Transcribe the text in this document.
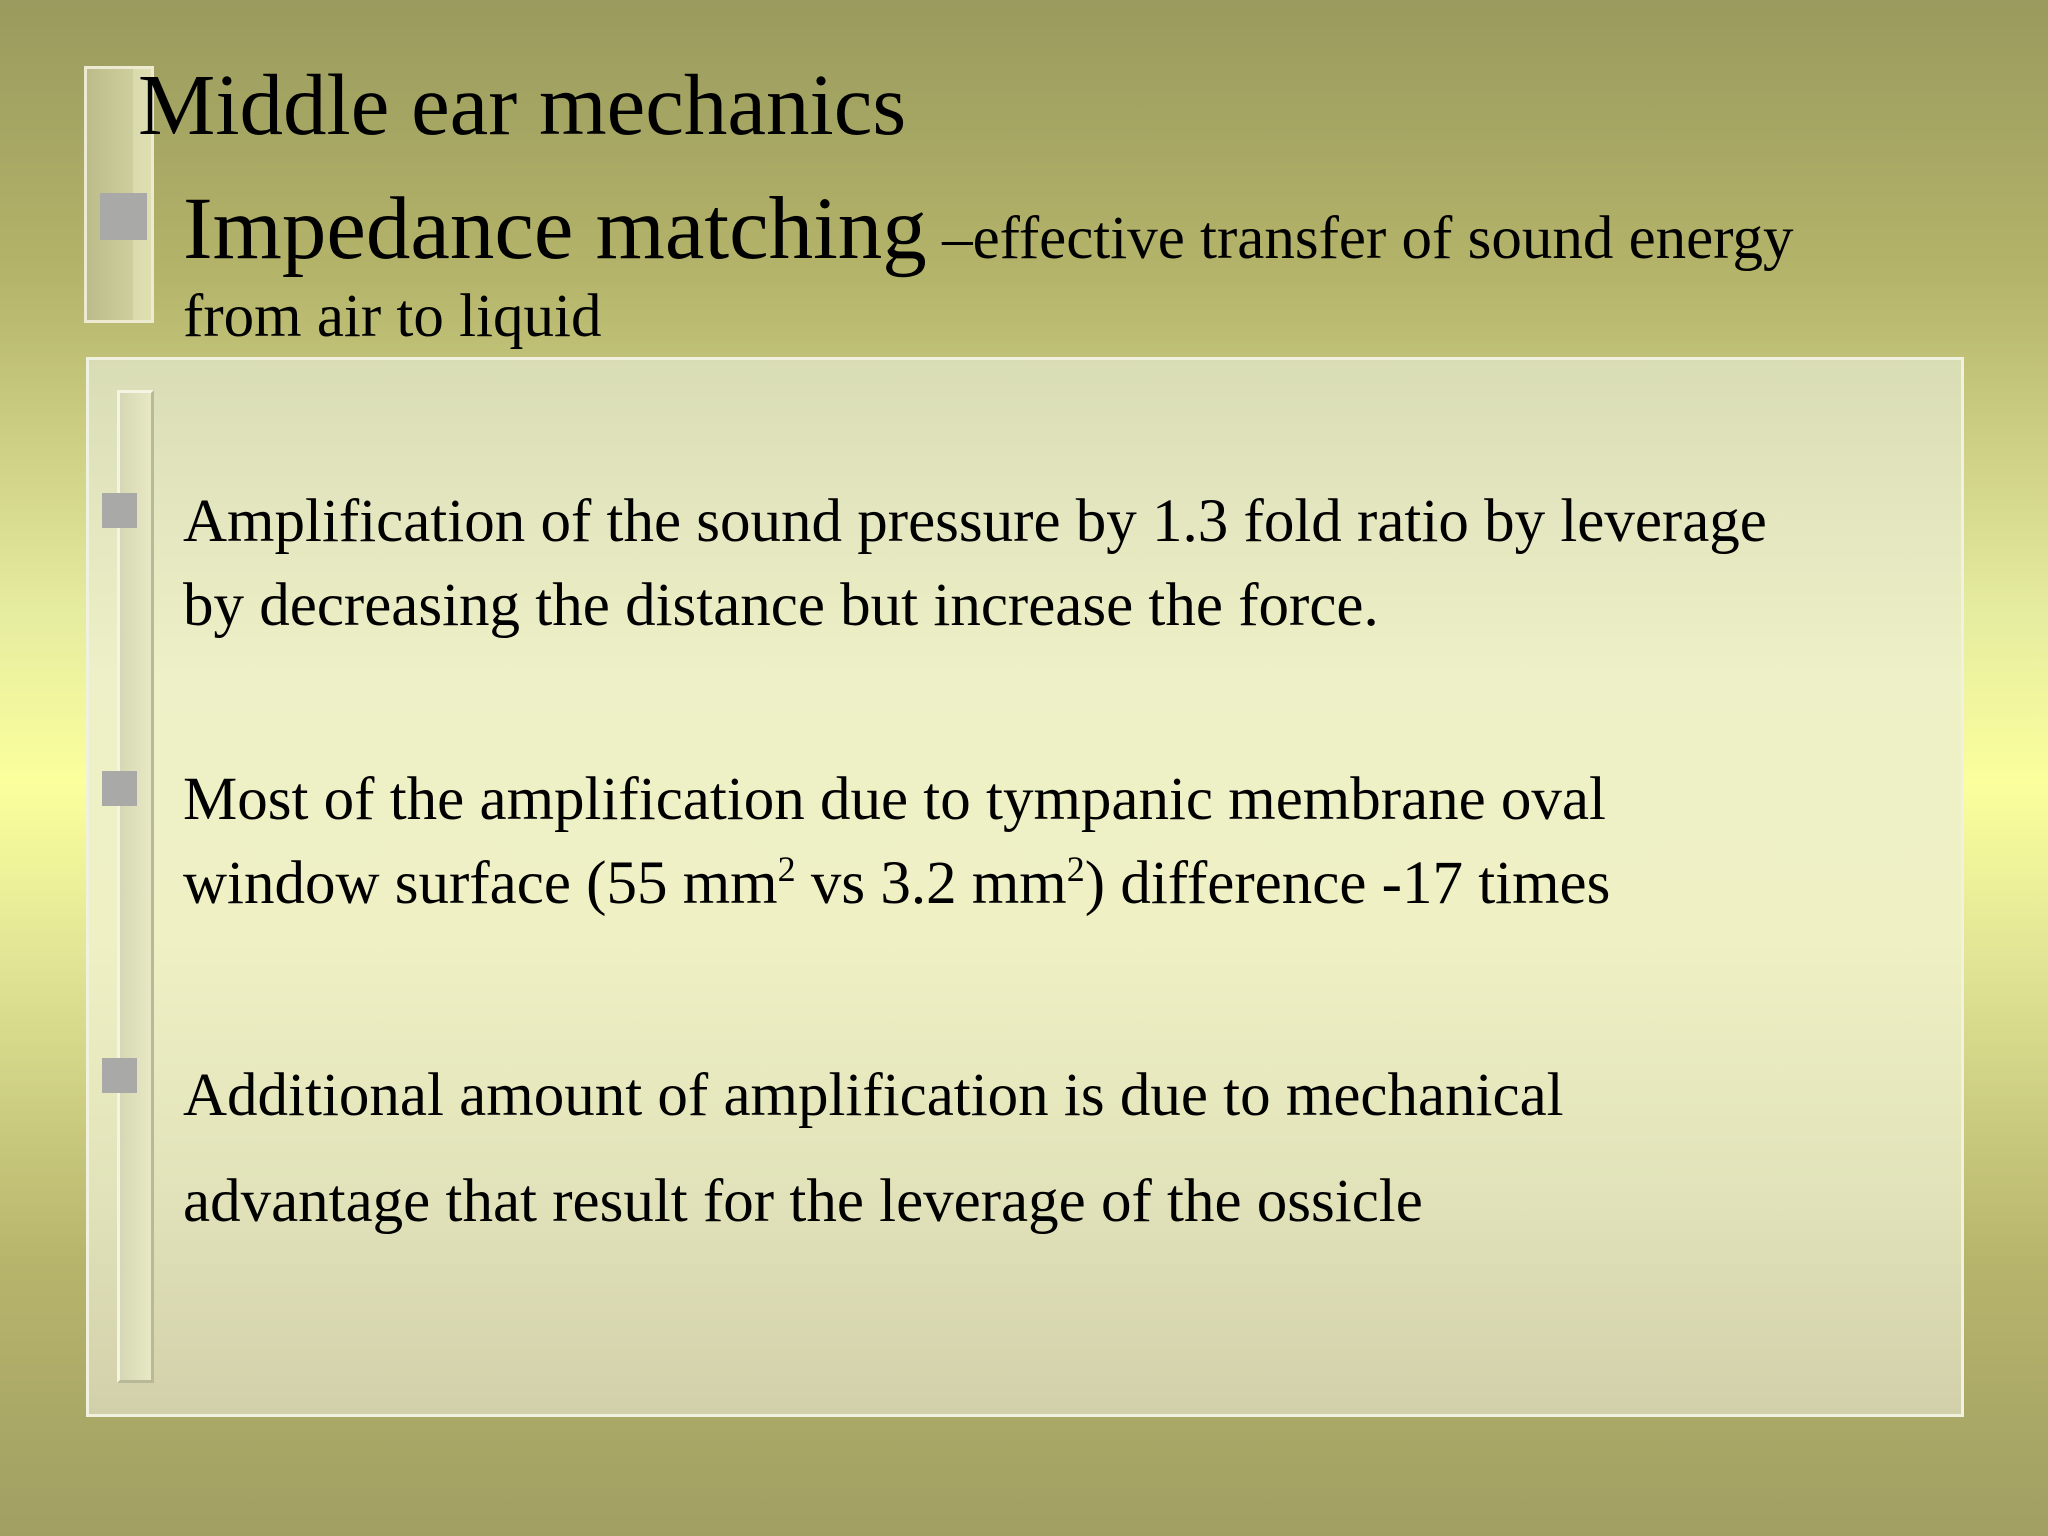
Middle ear mechanics

Impedance matching –effective transfer of sound energy
from air to liquid

Amplification of the sound pressure by 1.3 fold ratio by leverage
by decreasing the distance but increase the force.

Most of the amplification due to tympanic membrane oval
window surface (55 $mm^2$ vs 3.2 $mm^2$) difference -17 times

Additional amount of amplification is due to mechanical
advantage that result for the leverage of the ossicle
